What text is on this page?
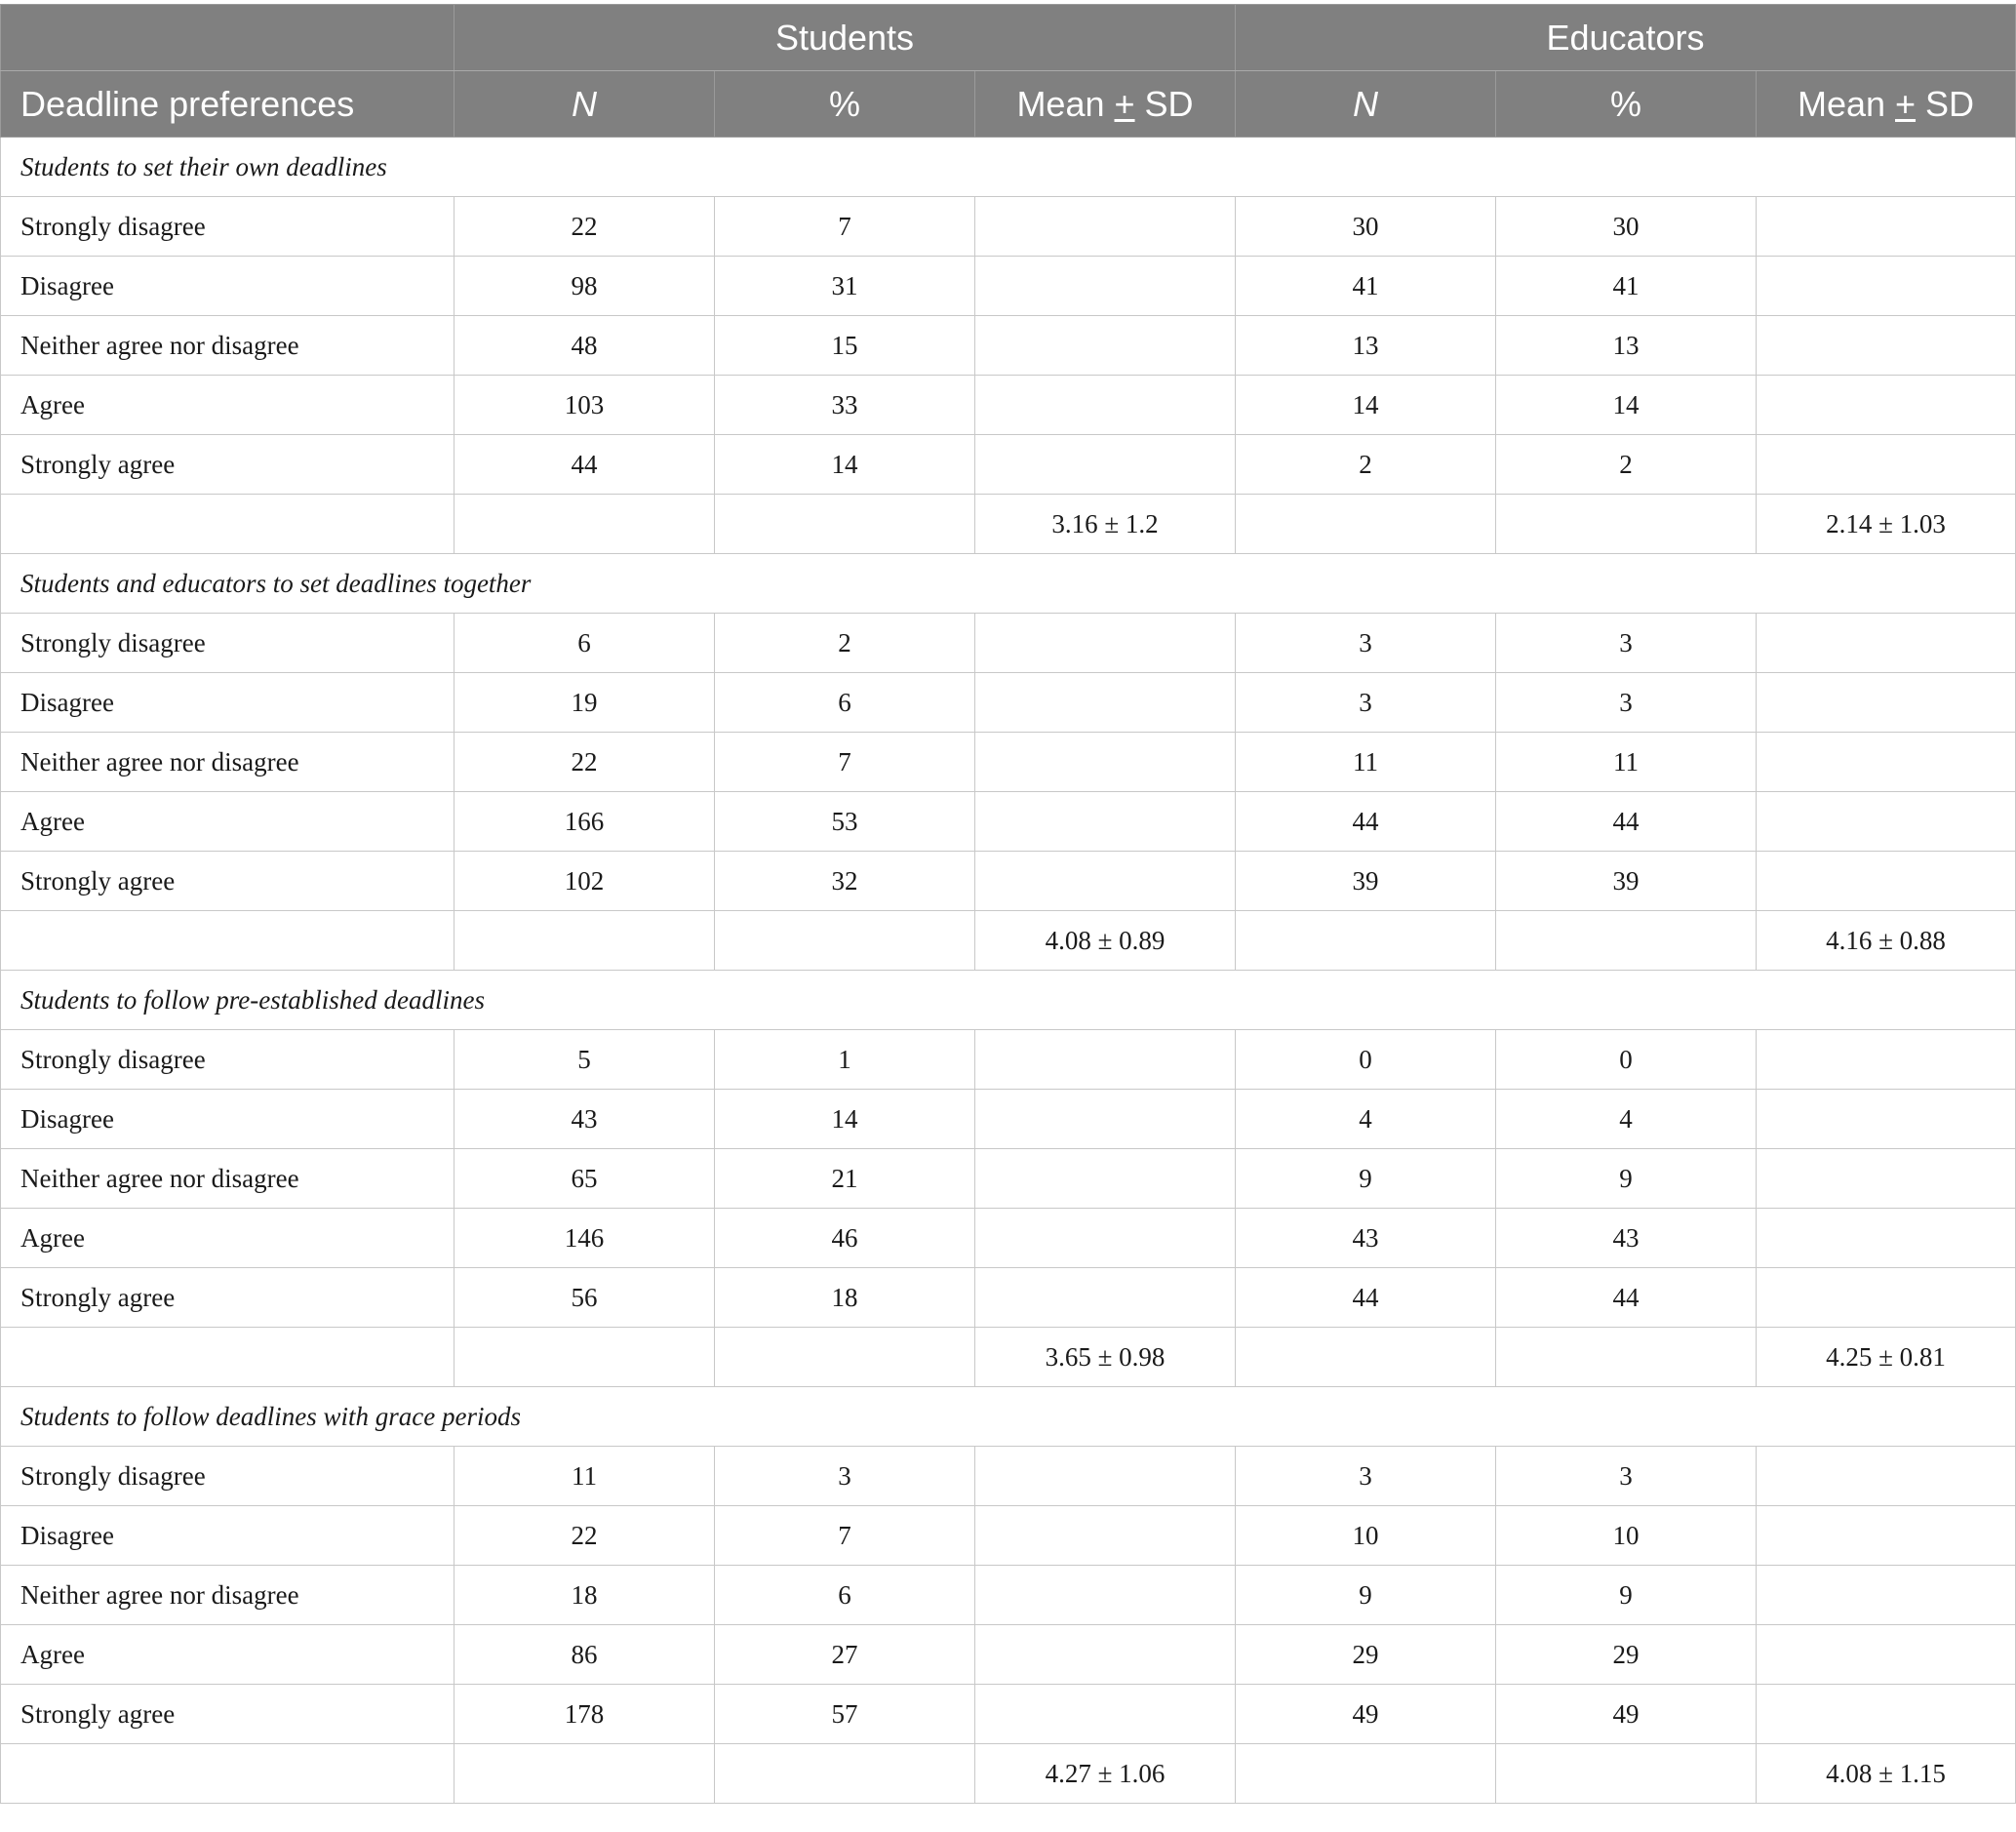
	Students			Educators		
Deadline preferences	N	%	Mean + SD	N	%	Mean + SD
Students to set their own deadlines						
Strongly disagree	22	7		30	30	
Disagree	98	31		41	41	
Neither agree nor disagree	48	15		13	13	
Agree	103	33		14	14	
Strongly agree	44	14		2	2	
			3.16 ± 1.2			2.14 ± 1.03
Students and educators to set deadlines together						
Strongly disagree	6	2		3	3	
Disagree	19	6		3	3	
Neither agree nor disagree	22	7		11	11	
Agree	166	53		44	44	
Strongly agree	102	32		39	39	
			4.08 ± 0.89			4.16 ± 0.88
Students to follow pre-established deadlines						
Strongly disagree	5	1		0	0	
Disagree	43	14		4	4	
Neither agree nor disagree	65	21		9	9	
Agree	146	46		43	43	
Strongly agree	56	18		44	44	
			3.65 ± 0.98			4.25 ± 0.81
Students to follow deadlines with grace periods						
Strongly disagree	11	3		3	3	
Disagree	22	7		10	10	
Neither agree nor disagree	18	6		9	9	
Agree	86	27		29	29	
Strongly agree	178	57		49	49	
			4.27 ± 1.06			4.08 ± 1.15
